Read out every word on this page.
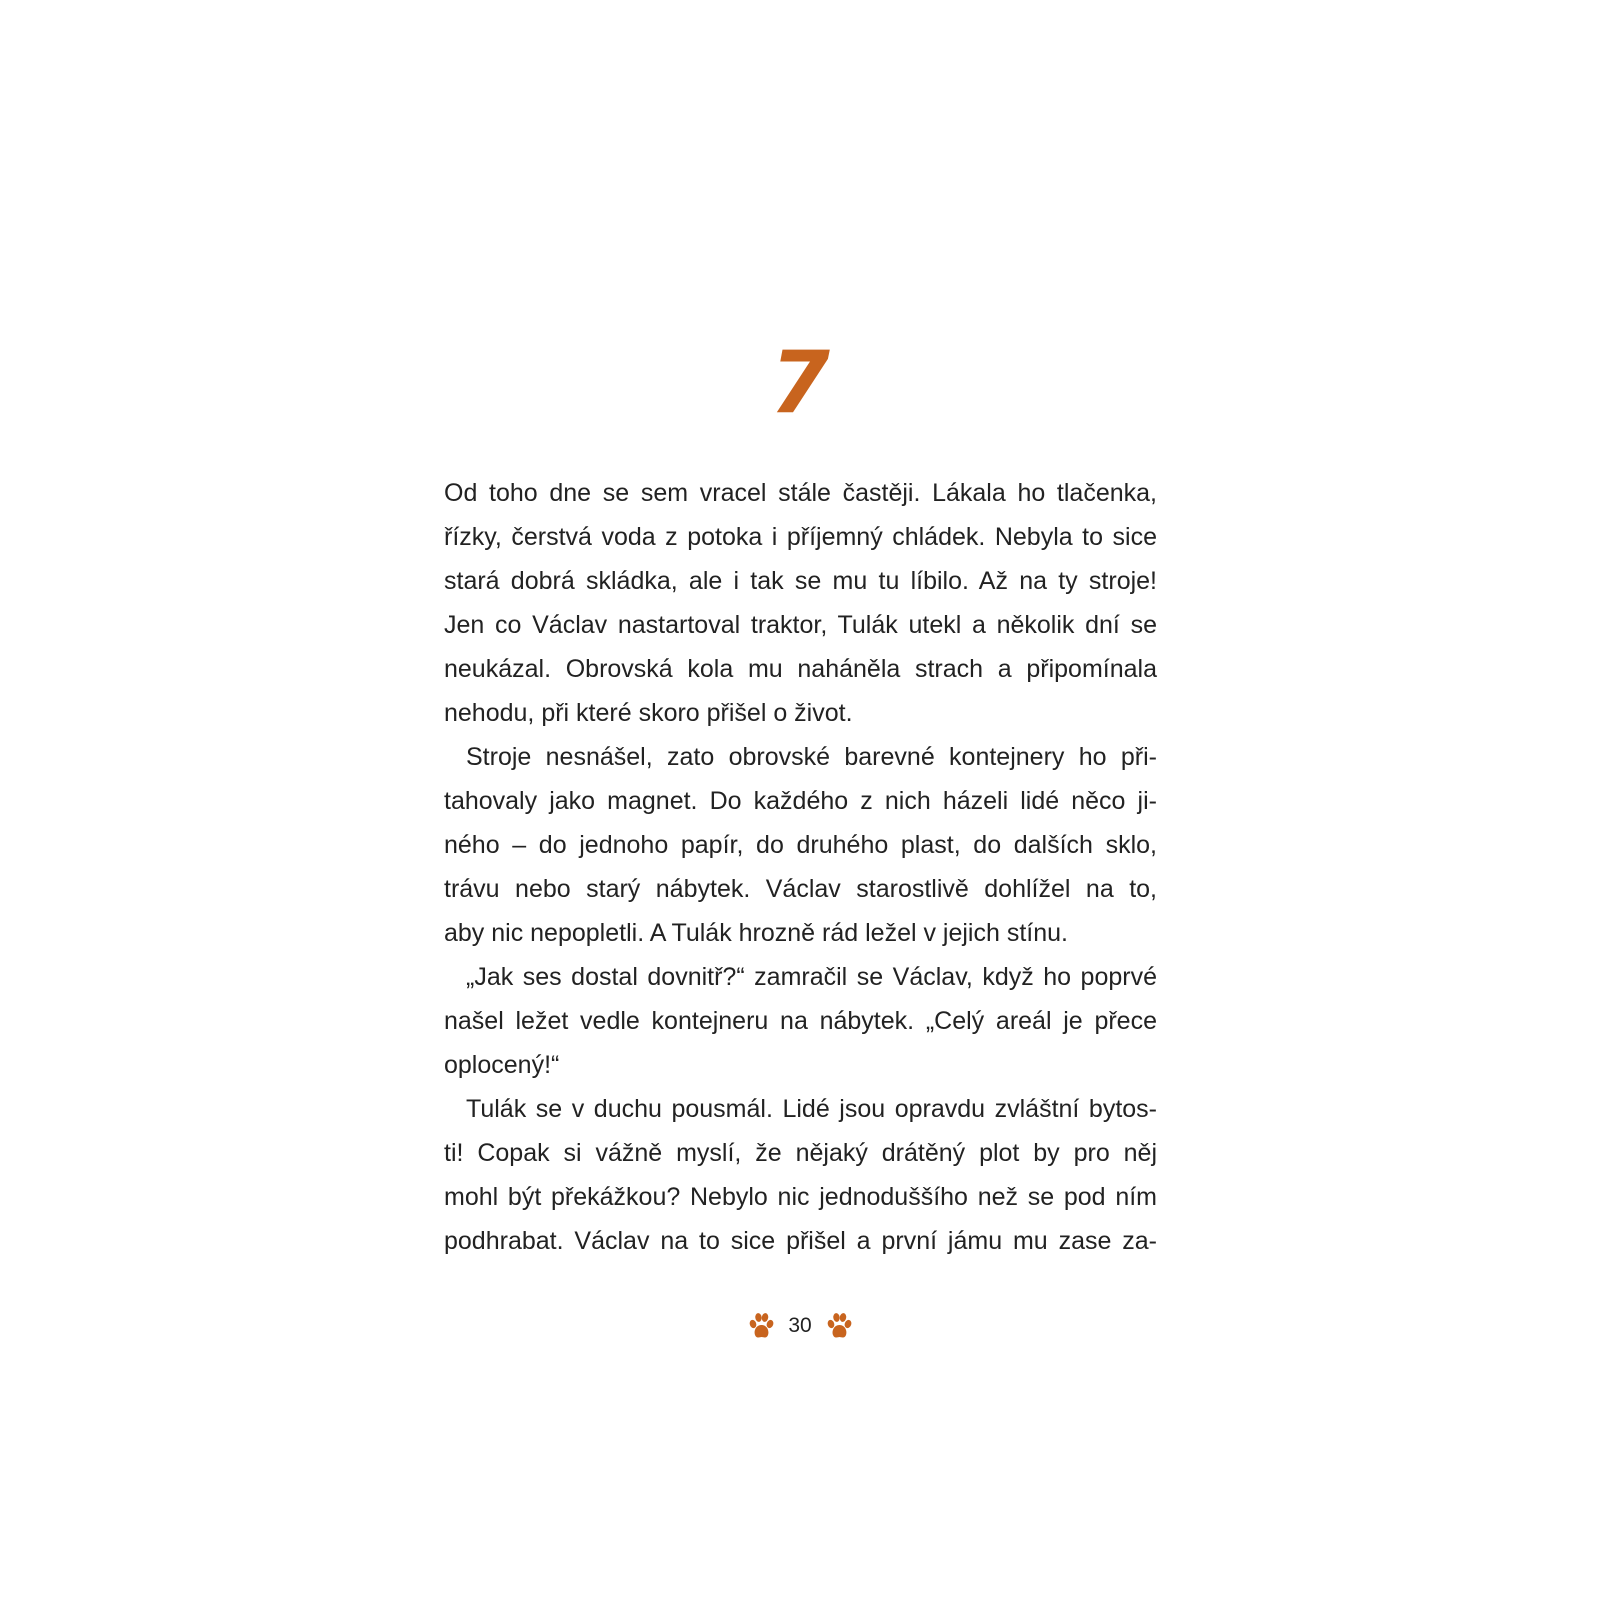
7
Od toho dne se sem vracel stále častěji. Lákala ho tlačenka,
řízky, čerstvá voda z potoka i příjemný chládek. Nebyla to sice
stará dobrá skládka, ale i tak se mu tu líbilo. Až na ty stroje!
Jen co Václav nastartoval traktor, Tulák utekl a několik dní se
neukázal. Obrovská kola mu naháněla strach a připomínala
nehodu, při které skoro přišel o život.
Stroje nesnášel, zato obrovské barevné kontejnery ho při-
tahovaly jako magnet. Do každého z nich házeli lidé něco ji-
ného – do jednoho papír, do druhého plast, do dalších sklo,
trávu nebo starý nábytek. Václav starostlivě dohlížel na to,
aby nic nepopletli. A Tulák hrozně rád ležel v jejich stínu.
„Jak ses dostal dovnitř?“ zamračil se Václav, když ho poprvé
našel ležet vedle kontejneru na nábytek. „Celý areál je přece
oplocený!“
Tulák se v duchu pousmál. Lidé jsou opravdu zvláštní bytos-
ti! Copak si vážně myslí, že nějaký drátěný plot by pro něj
mohl být překážkou? Nebylo nic jednoduššího než se pod ním
podhrabat. Václav na to sice přišel a první jámu mu zase za-
30
